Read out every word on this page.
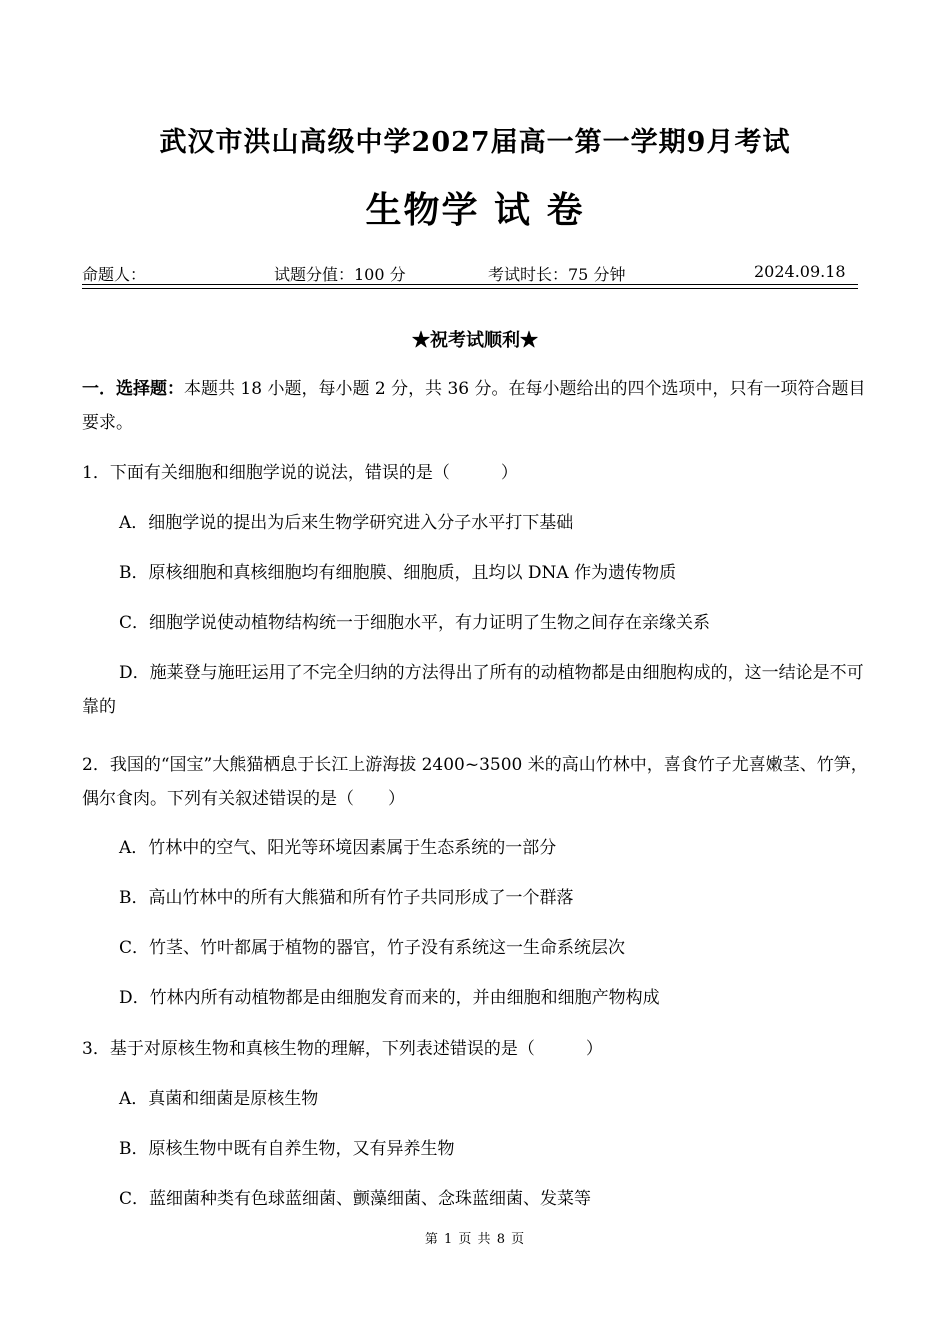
武汉市洪山高级中学2027届高一第一学期9月考试
生物学 试 卷
命题人：	试题分值：100 分	考试时长：75 分钟	2024.09.18
★祝考试顺利★
一．选择题：本题共 18 小题，每小题 2 分，共 36 分。在每小题给出的四个选项中，只有一项符合题目要求。
1．下面有关细胞和细胞学说的说法，错误的是（　　　）
A．细胞学说的提出为后来生物学研究进入分子水平打下基础
B．原核细胞和真核细胞均有细胞膜、细胞质，且均以 DNA 作为遗传物质
C．细胞学说使动植物结构统一于细胞水平，有力证明了生物之间存在亲缘关系
D．施莱登与施旺运用了不完全归纳的方法得出了所有的动植物都是由细胞构成的，这一结论是不可靠的
2．我国的“国宝”大熊猫栖息于长江上游海拔 2400~3500 米的高山竹林中，喜食竹子尤喜嫩茎、竹笋，偶尔食肉。下列有关叙述错误的是（　　）
A．竹林中的空气、阳光等环境因素属于生态系统的一部分
B．高山竹林中的所有大熊猫和所有竹子共同形成了一个群落
C．竹茎、竹叶都属于植物的器官，竹子没有系统这一生命系统层次
D．竹林内所有动植物都是由细胞发育而来的，并由细胞和细胞产物构成
3．基于对原核生物和真核生物的理解，下列表述错误的是（　　　）
A．真菌和细菌是原核生物
B．原核生物中既有自养生物，又有异养生物
C．蓝细菌种类有色球蓝细菌、颤藻细菌、念珠蓝细菌、发菜等
第 1 页 共 8 页
